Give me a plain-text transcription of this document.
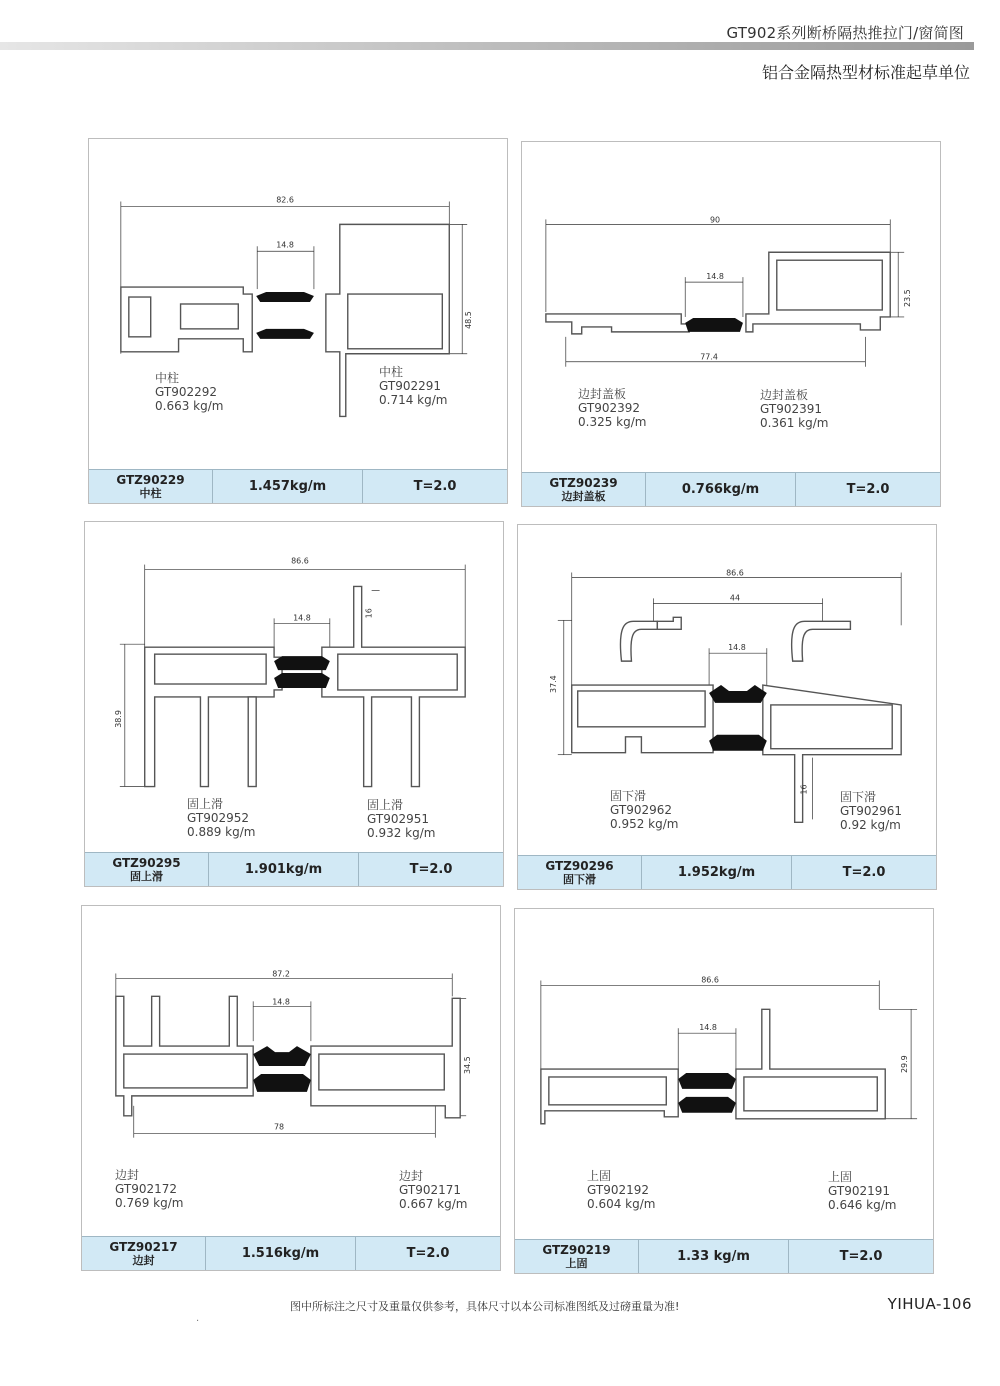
GT902系列断桥隔热推拉门/窗简图
铝合金隔热型材标准起草单位
82.6
14.8
48.5
中柱
GT902292
0.663 kg/m
中柱
GT902291
0.714 kg/m
GTZ90229
中柱	1.457kg/m	T=2.0
90
14.8
23.5
77.4
边封盖板
GT902392
0.325 kg/m
边封盖板
GT902391
0.361 kg/m
GTZ90239
边封盖板	0.766kg/m	T=2.0
86.6
14.8	16
38.9
固上滑
GT902952
0.889 kg/m
固上滑
GT902951
0.932 kg/m
GTZ90295
固上滑	1.901kg/m	T=2.0
86.6
44
14.8
37.4
16
固下滑
GT902962
0.952 kg/m
固下滑
GT902961
0.92 kg/m
GTZ90296
固下滑	1.952kg/m	T=2.0
87.2
14.8
34.5
78
边封
GT902172
0.769 kg/m
边封
GT902171
0.667 kg/m
GTZ90217
边封	1.516kg/m	T=2.0
86.6
14.8
29.9
上固
GT902192
0.604 kg/m
上固
GT902191
0.646 kg/m
GTZ90219
上固	1.33 kg/m	T=2.0
图中所标注之尺寸及重量仅供参考，具体尺寸以本公司标准图纸及过磅重量为准!	YIHUA-106
·
